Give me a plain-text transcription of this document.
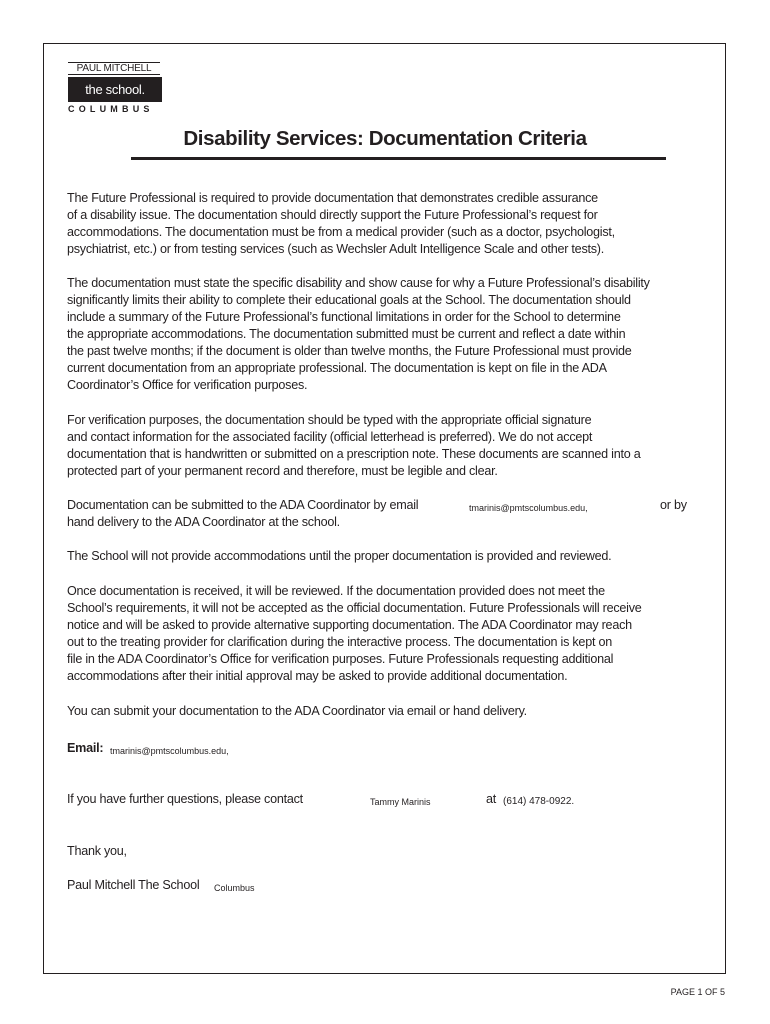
PAUL MITCHELL
the school.
COLUMBUS
Disability Services: Documentation Criteria

The Future Professional is required to provide documentation that demonstrates credible assurance
of a disability issue. The documentation should directly support the Future Professional’s request for
accommodations. The documentation must be from a medical provider (such as a doctor, psychologist,
psychiatrist, etc.) or from testing services (such as Wechsler Adult Intelligence Scale and other tests).

The documentation must state the specific disability and show cause for why a Future Professional’s disability
significantly limits their ability to complete their educational goals at the School. The documentation should
include a summary of the Future Professional’s functional limitations in order for the School to determine
the appropriate accommodations. The documentation submitted must be current and reflect a date within
the past twelve months; if the document is older than twelve months, the Future Professional must provide
current documentation from an appropriate professional. The documentation is kept on file in the ADA
Coordinator’s Office for verification purposes.

For verification purposes, the documentation should be typed with the appropriate official signature
and contact information for the associated facility (official letterhead is preferred). We do not accept
documentation that is handwritten or submitted on a prescription note. These documents are scanned into a
protected part of your permanent record and therefore, must be legible and clear.

Documentation can be submitted to the ADA Coordinator by email	tmarinis@pmtscolumbus.edu,	or by
hand delivery to the ADA Coordinator at the school.

The School will not provide accommodations until the proper documentation is provided and reviewed.

Once documentation is received, it will be reviewed. If the documentation provided does not meet the
School’s requirements, it will not be accepted as the official documentation. Future Professionals will receive
notice and will be asked to provide alternative supporting documentation. The ADA Coordinator may reach
out to the treating provider for clarification during the interactive process. The documentation is kept on
file in the ADA Coordinator’s Office for verification purposes. Future Professionals requesting additional
accommodations after their initial approval may be asked to provide additional documentation.

You can submit your documentation to the ADA Coordinator via email or hand delivery.

Email: tmarinis@pmtscolumbus.edu,
If you have further questions, please contact	Tammy Marinis	at (614) 478-0922.

Thank you,

Paul Mitchell The School Columbus
PAGE 1 OF 5
